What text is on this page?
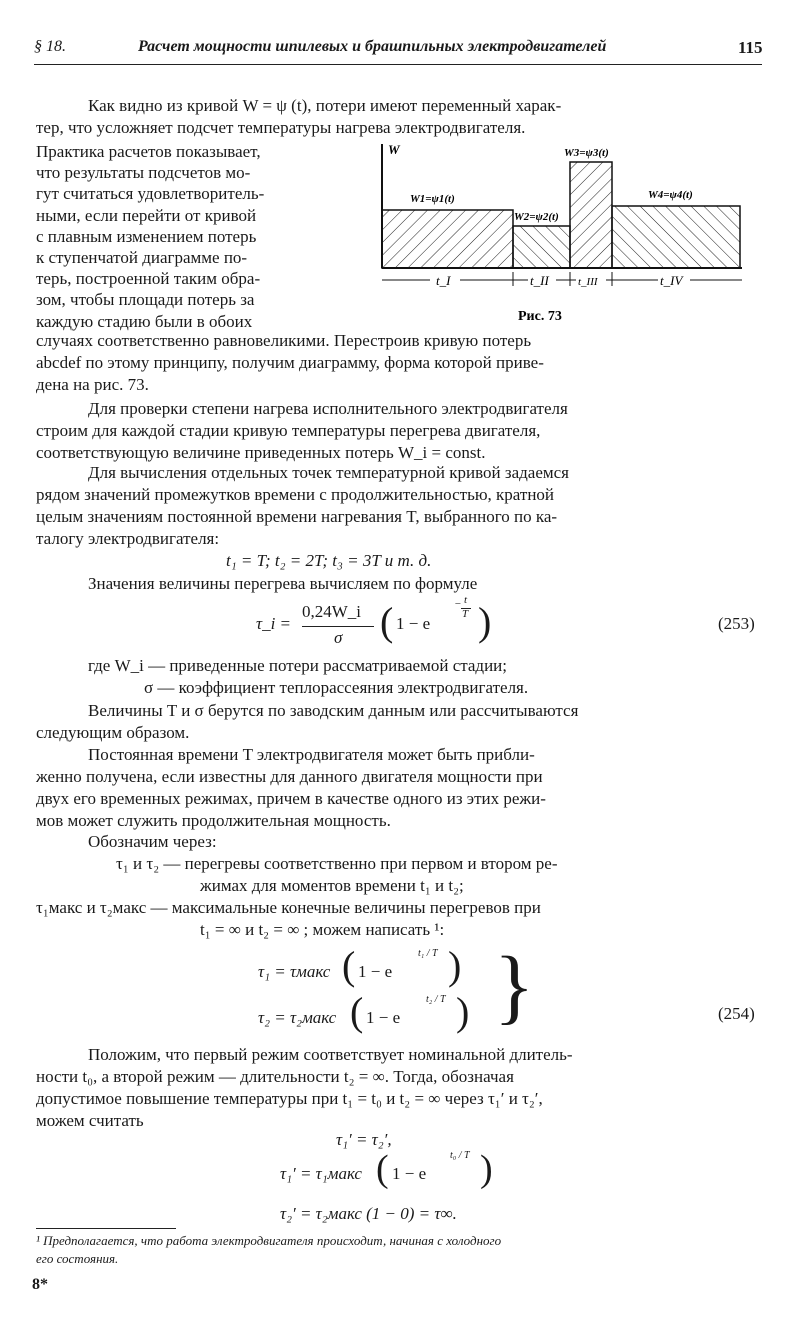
§ 18.	Расчет мощности шпилевых и брашпильных электродвигателей	115
Как видно из кривой W = ψ (t), потери имеют переменный харак-
тер, что усложняет подсчет температуры нагрева электродвигателя.
Практика расчетов показывает,
что результаты подсчетов мо-
гут считаться удовлетворитель-
ными, если перейти от кривой
с плавным изменением потерь
к ступенчатой диаграмме по-
терь, построенной таким обра-
зом, чтобы площади потерь за
каждую стадию были в обоих
W
W1=ψ1(t)
W2=ψ2(t)
W3=ψ3(t)
W4=ψ4(t)
t_I	t_II	t_III	t_IV
Рис. 73
случаях соответственно равновеликими. Перестроив кривую потерь
abcdef по этому принципу, получим диаграмму, форма которой приве-
дена на рис. 73.
Для проверки степени нагрева исполнительного электродвигателя
строим для каждой стадии кривую температуры перегрева двигателя,
соответствующую величине приведенных потерь W_i = const.
Для вычисления отдельных точек температурной кривой задаемся
рядом значений промежутков времени с продолжительностью, кратной
целым значениям постоянной времени нагревания T, выбранного по ка-
талогу электродвигателя:
t₁ = T; t₂ = 2T; t₃ = 3T и т. д.
Значения величины перегрева вычисляем по формуле
τ_i =
0,24W_i
σ ( 1 − e
− t
T )	(253)
где W_i — приведенные потери рассматриваемой стадии;
σ — коэффициент теплорассеяния электродвигателя.
Величины T и σ берутся по заводским данным или рассчитываются
следующим образом.
Постоянная времени T электродвигателя может быть прибли-
женно получена, если известны для данного двигателя мощности при
двух его временных режимах, причем в качестве одного из этих режи-
мов может служить продолжительная мощность.
Обозначим через:
τ₁ и τ₂ — перегревы соответственно при первом и втором ре-
жимах для моментов времени t₁ и t₂;
τ₁макс и τ₂макс — максимальные конечные величины перегревов при
t₁ = ∞ и t₂ = ∞ ; можем написать ¹:
τ₁ = τмакс ( 1 − e
t₁ / T )
τ₂ = τ₂макс ( 1 − e
t₂ / T ) }	(254)
Положим, что первый режим соответствует номинальной длитель-
ности t₀, а второй режим — длительности t₂ = ∞. Тогда, обозначая
допустимое повышение температуры при t₁ = t₀ и t₂ = ∞ через τ₁′ и τ₂′,
можем считать
τ₁′ = τ₂′,
τ₁′ = τ₁макс ( 1 − e
t₀ / T )
τ₂′ = τ₂макс (1 − 0) = τ∞.
¹ Предполагается, что работа электродвигателя происходит, начиная с холодного
его состояния.
8*
